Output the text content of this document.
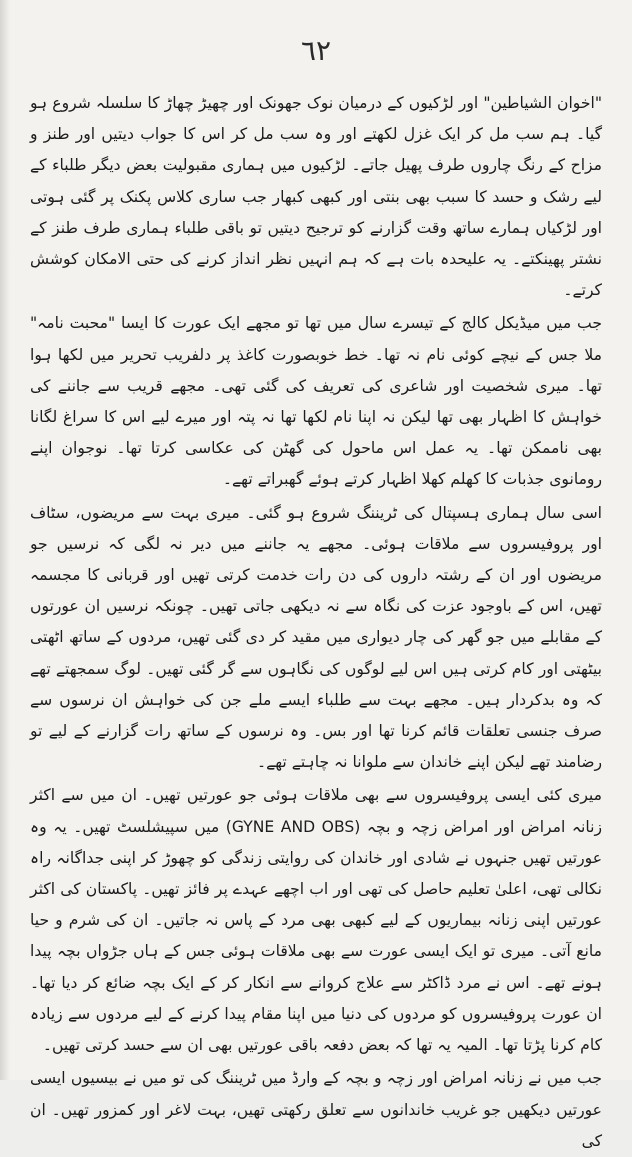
٦٢

"اخوان الشیاطین" اور لڑکیوں کے درمیان نوک جھونک اور چھیڑ چھاڑ کا سلسلہ شروع ہو گیا۔ ہم سب مل کر ایک غزل لکھتے اور وہ سب مل کر اس کا جواب دیتیں اور طنز و مزاح کے رنگ چاروں طرف پھیل جاتے۔ لڑکیوں میں ہماری مقبولیت بعض دیگر طلباء کے لیے رشک و حسد کا سبب بھی بنتی اور کبھی کبھار جب ساری کلاس پکنک پر گئی ہوتی اور لڑکیاں ہمارے ساتھ وقت گزارنے کو ترجیح دیتیں تو باقی طلباء ہماری طرف طنز کے نشتر پھینکتے۔ یہ علیحدہ بات ہے کہ ہم انہیں نظر انداز کرنے کی حتی الامکان کوشش کرتے۔

جب میں میڈیکل کالج کے تیسرے سال میں تھا تو مجھے ایک عورت کا ایسا "محبت نامہ" ملا جس کے نیچے کوئی نام نہ تھا۔ خط خوبصورت کاغذ پر دلفریب تحریر میں لکھا ہوا تھا۔ میری شخصیت اور شاعری کی تعریف کی گئی تھی۔ مجھے قریب سے جاننے کی خواہش کا اظہار بھی تھا لیکن نہ اپنا نام لکھا تھا نہ پتہ اور میرے لیے اس کا سراغ لگانا بھی ناممکن تھا۔ یہ عمل اس ماحول کی گھٹن کی عکاسی کرتا تھا۔ نوجوان اپنے رومانوی جذبات کا کھلم کھلا اظہار کرتے ہوئے گھبراتے تھے۔

اسی سال ہماری ہسپتال کی ٹریننگ شروع ہو گئی۔ میری بہت سے مریضوں، سٹاف اور پروفیسروں سے ملاقات ہوئی۔ مجھے یہ جاننے میں دیر نہ لگی کہ نرسیں جو مریضوں اور ان کے رشتہ داروں کی دن رات خدمت کرتی تھیں اور قربانی کا مجسمہ تھیں، اس کے باوجود عزت کی نگاہ سے نہ دیکھی جاتی تھیں۔ چونکہ نرسیں ان عورتوں کے مقابلے میں جو گھر کی چار دیواری میں مقید کر دی گئی تھیں، مردوں کے ساتھ اٹھتی بیٹھتی اور کام کرتی ہیں اس لیے لوگوں کی نگاہوں سے گر گئی تھیں۔ لوگ سمجھتے تھے کہ وہ بدکردار ہیں۔ مجھے بہت سے طلباء ایسے ملے جن کی خواہش ان نرسوں سے صرف جنسی تعلقات قائم کرنا تھا اور بس۔ وہ نرسوں کے ساتھ رات گزارنے کے لیے تو رضامند تھے لیکن اپنے خاندان سے ملوانا نہ چاہتے تھے۔

میری کئی ایسی پروفیسروں سے بھی ملاقات ہوئی جو عورتیں تھیں۔ ان میں سے اکثر زنانہ امراض اور امراض زچہ و بچہ (GYNE AND OBS) میں سپیشلسٹ تھیں۔ یہ وہ عورتیں تھیں جنہوں نے شادی اور خاندان کی روایتی زندگی کو چھوڑ کر اپنی جداگانہ راہ نکالی تھی، اعلیٰ تعلیم حاصل کی تھی اور اب اچھے عہدے پر فائز تھیں۔ پاکستان کی اکثر عورتیں اپنی زنانہ بیماریوں کے لیے کبھی بھی مرد کے پاس نہ جاتیں۔ ان کی شرم و حیا مانع آتی۔ میری تو ایک ایسی عورت سے بھی ملاقات ہوئی جس کے ہاں جڑواں بچہ پیدا ہونے تھے۔ اس نے مرد ڈاکٹر سے علاج کروانے سے انکار کر کے ایک بچہ ضائع کر دیا تھا۔ ان عورت پروفیسروں کو مردوں کی دنیا میں اپنا مقام پیدا کرنے کے لیے مردوں سے زیادہ کام کرنا پڑتا تھا۔ المیہ یہ تھا کہ بعض دفعہ باقی عورتیں بھی ان سے حسد کرتی تھیں۔

جب میں نے زنانہ امراض اور زچہ و بچہ کے وارڈ میں ٹریننگ کی تو میں نے بیسیوں ایسی عورتیں دیکھیں جو غریب خاندانوں سے تعلق رکھتی تھیں، بہت لاغر اور کمزور تھیں۔ ان کی
